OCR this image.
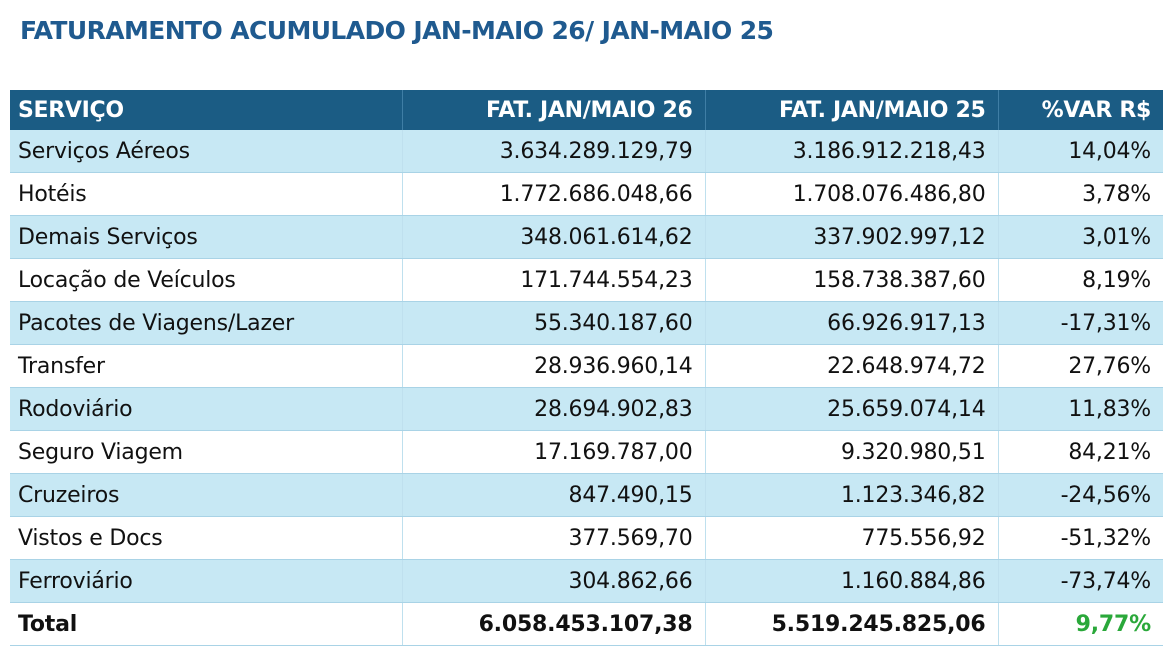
FATURAMENTO ACUMULADO JAN-MAIO 26/ JAN-MAIO 25
SERVIÇO	FAT. JAN/MAIO 26	FAT. JAN/MAIO 25	%VAR R$
Serviços Aéreos	3.634.289.129,79	3.186.912.218,43	14,04%
Hotéis	1.772.686.048,66	1.708.076.486,80	3,78%
Demais Serviços	348.061.614,62	337.902.997,12	3,01%
Locação de Veículos	171.744.554,23	158.738.387,60	8,19%
Pacotes de Viagens/Lazer	55.340.187,60	66.926.917,13	-17,31%
Transfer	28.936.960,14	22.648.974,72	27,76%
Rodoviário	28.694.902,83	25.659.074,14	11,83%
Seguro Viagem	17.169.787,00	9.320.980,51	84,21%
Cruzeiros	847.490,15	1.123.346,82	-24,56%
Vistos e Docs	377.569,70	775.556,92	-51,32%
Ferroviário	304.862,66	1.160.884,86	-73,74%
Total	6.058.453.107,38	5.519.245.825,06	9,77%
